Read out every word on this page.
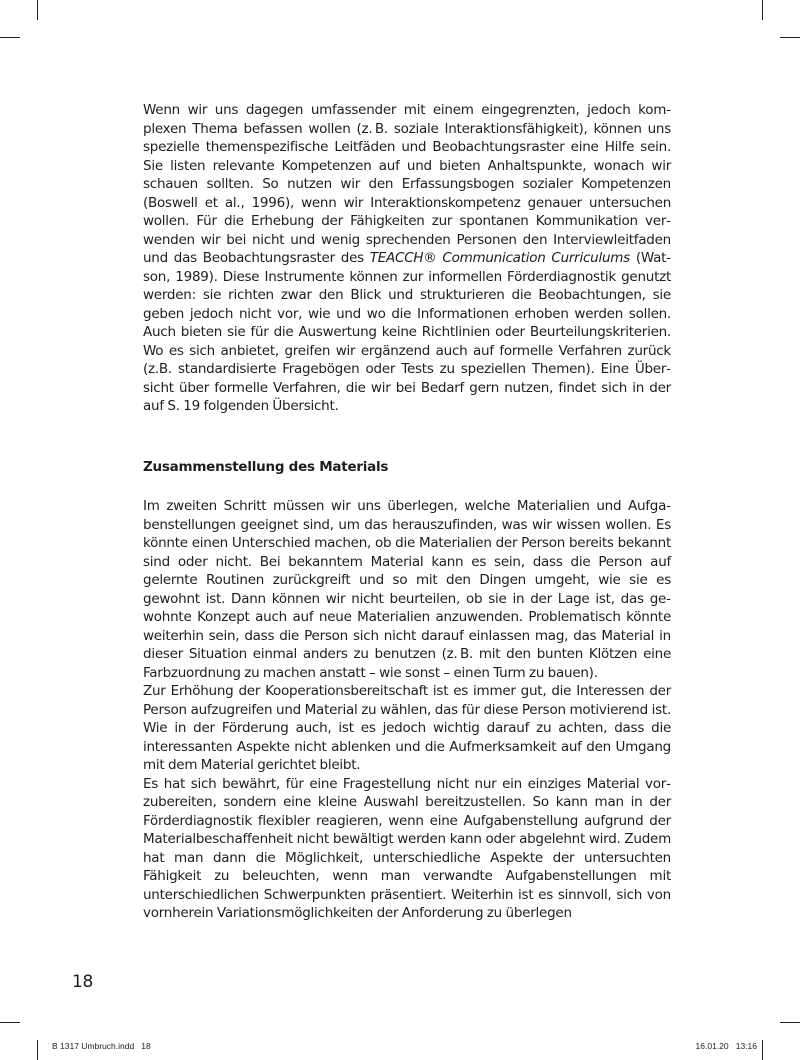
Wenn wir uns dagegen umfassender mit einem eingegrenzten, jedoch komplexen Thema befassen wollen (z. B. soziale Interaktionsfähigkeit), können uns spezielle themenspezifische Leitfäden und Beobachtungsraster eine Hilfe sein. Sie listen relevante Kompetenzen auf und bieten Anhaltspunkte, wonach wir schauen sollten. So nutzen wir den Erfassungsbogen sozialer Kompetenzen (Boswell et al., 1996), wenn wir Interaktionskompetenz genauer untersuchen wollen. Für die Erhebung der Fähigkeiten zur spontanen Kommunikation verwenden wir bei nicht und wenig sprechenden Personen den Interviewleitfaden und das Beobachtungsraster des TEACCH® Communication Curriculums (Watson, 1989). Diese Instrumente können zur informellen Förderdiagnostik genutzt werden: sie richten zwar den Blick und strukturieren die Beobachtungen, sie geben jedoch nicht vor, wie und wo die Informationen erhoben werden sollen. Auch bieten sie für die Auswertung keine Richtlinien oder Beurteilungskriterien. Wo es sich anbietet, greifen wir ergänzend auch auf formelle Verfahren zurück (z.B. standardisierte Fragebögen oder Tests zu speziellen Themen). Eine Übersicht über formelle Verfahren, die wir bei Bedarf gern nutzen, findet sich in der auf S. 19 folgenden Übersicht.

Zusammenstellung des Materials

Im zweiten Schritt müssen wir uns überlegen, welche Materialien und Aufgabenstellungen geeignet sind, um das herauszufinden, was wir wissen wollen. Es könnte einen Unterschied machen, ob die Materialien der Person bereits bekannt sind oder nicht. Bei bekanntem Material kann es sein, dass die Person auf gelernte Routinen zurückgreift und so mit den Dingen umgeht, wie sie es gewohnt ist. Dann können wir nicht beurteilen, ob sie in der Lage ist, das gewohnte Konzept auch auf neue Materialien anzuwenden. Problematisch könnte weiterhin sein, dass die Person sich nicht darauf einlassen mag, das Material in dieser Situation einmal anders zu benutzen (z. B. mit den bunten Klötzen eine Farbzuordnung zu machen anstatt – wie sonst – einen Turm zu bauen).

Zur Erhöhung der Kooperationsbereitschaft ist es immer gut, die Interessen der Person aufzugreifen und Material zu wählen, das für diese Person motivierend ist. Wie in der Förderung auch, ist es jedoch wichtig darauf zu achten, dass die interessanten Aspekte nicht ablenken und die Aufmerksamkeit auf den Umgang mit dem Material gerichtet bleibt.

Es hat sich bewährt, für eine Fragestellung nicht nur ein einziges Material vorzubereiten, sondern eine kleine Auswahl bereitzustellen. So kann man in der Förderdiagnostik flexibler reagieren, wenn eine Aufgabenstellung aufgrund der Materialbeschaffenheit nicht bewältigt werden kann oder abgelehnt wird. Zudem hat man dann die Möglichkeit, unterschiedliche Aspekte der untersuchten Fähigkeit zu beleuchten, wenn man verwandte Aufgabenstellungen mit unterschiedlichen Schwerpunkten präsentiert. Weiterhin ist es sinnvoll, sich von vornherein Variationsmöglichkeiten der Anforderung zu überlegen

18
B 1317 Umbruch.indd   18	16.01.20   13:16
